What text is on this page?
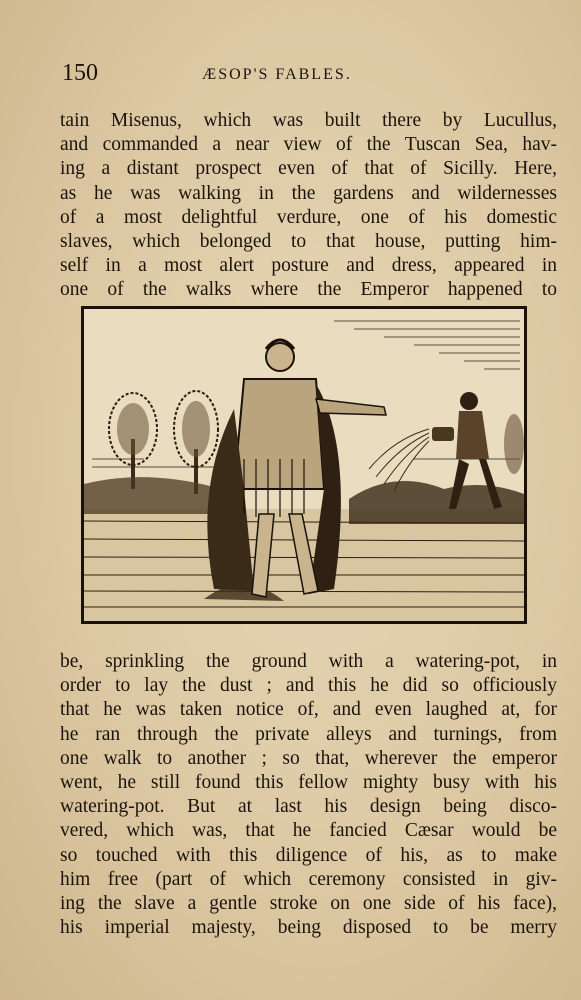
150	ÆSOP'S FABLES.
tain Misenus, which was built there by Lucullus,
and commanded a near view of the Tuscan Sea, hav-
ing a distant prospect even of that of Sicilly. Here,
as he was walking in the gardens and wildernesses
of a most delightful verdure, one of his domestic
slaves, which belonged to that house, putting him-
self in a most alert posture and dress, appeared in
one of the walks where the Emperor happened to
be, sprinkling the ground with a watering-pot, in
order to lay the dust ; and this he did so officiously
that he was taken notice of, and even laughed at, for
he ran through the private alleys and turnings, from
one walk to another ; so that, wherever the emperor
went, he still found this fellow mighty busy with his
watering-pot. But at last his design being disco-
vered, which was, that he fancied Cæsar would be
so touched with this diligence of his, as to make
him free (part of which ceremony consisted in giv-
ing the slave a gentle stroke on one side of his face),
his imperial majesty, being disposed to be merry
